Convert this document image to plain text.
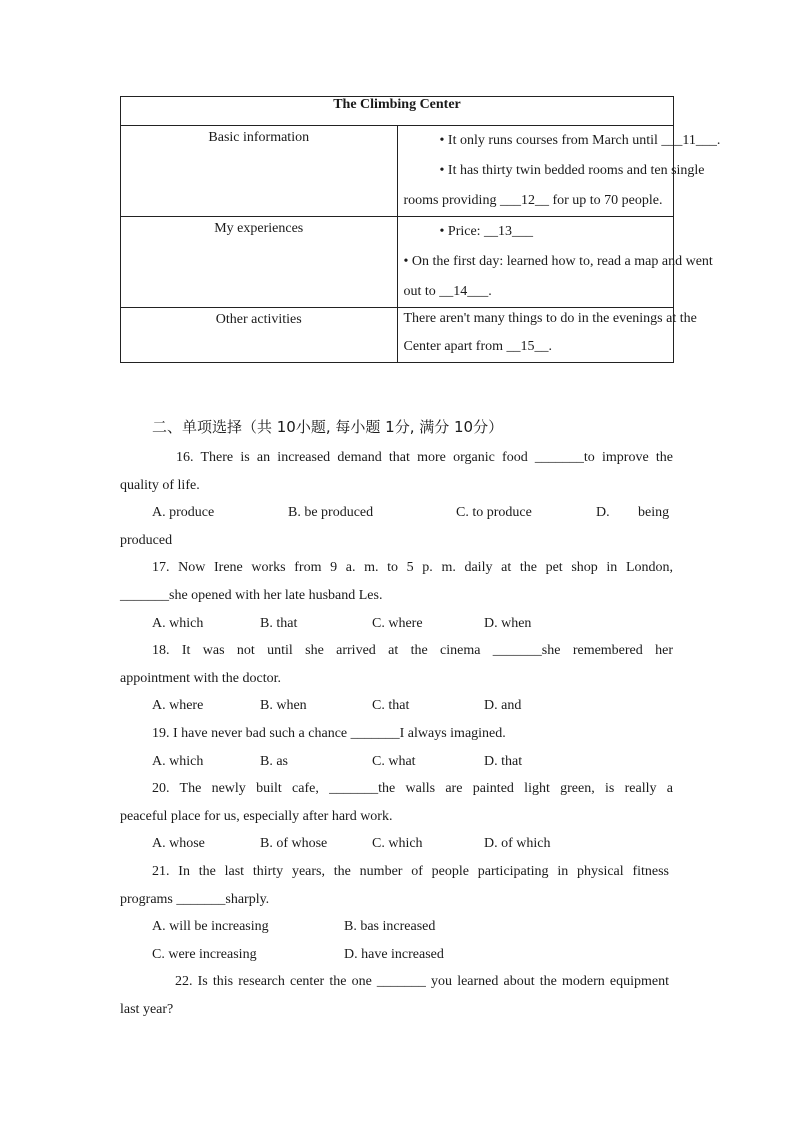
The Climbing Center	
Basic information	• It only runs courses from March until ___11___.
• It has thirty twin bedded rooms and ten single
rooms providing ___12__ for up to 70 people.

My experiences	• Price: __13___
• On the first day: learned how to, read a map and went
out to __14___.

Other activities	There aren't many things to do in the evenings at the
Center apart from __15__.
二、单项选择（共 10小题, 每小题 1分, 满分 10分）
16. There is an increased demand that more organic food _______to improve the
quality of life.
A. produce	B. be produced	C. to produce	D. being
produced
17. Now Irene works from 9 a. m. to 5 p. m. daily at the pet shop in London,
_______she opened with her late husband Les.
A. which	B. that	C. where	D. when
18. It was not until she arrived at the cinema _______she remembered her
appointment with the doctor.
A. where	B. when	C. that	D. and
19. I have never bad such a chance _______I always imagined.
A. which	B. as	C. what	D. that
20. The newly built cafe, _______the walls are painted light green, is really a
peaceful place for us, especially after hard work.
A. whose	B. of whose	C. which	D. of which
21. In the last thirty years, the number of people participating in physical fitness
programs _______sharply.
A. will be increasing	B. bas increased
C. were increasing	D. have increased
22. Is this research center the one _______ you learned about the modern equipment
last year?
